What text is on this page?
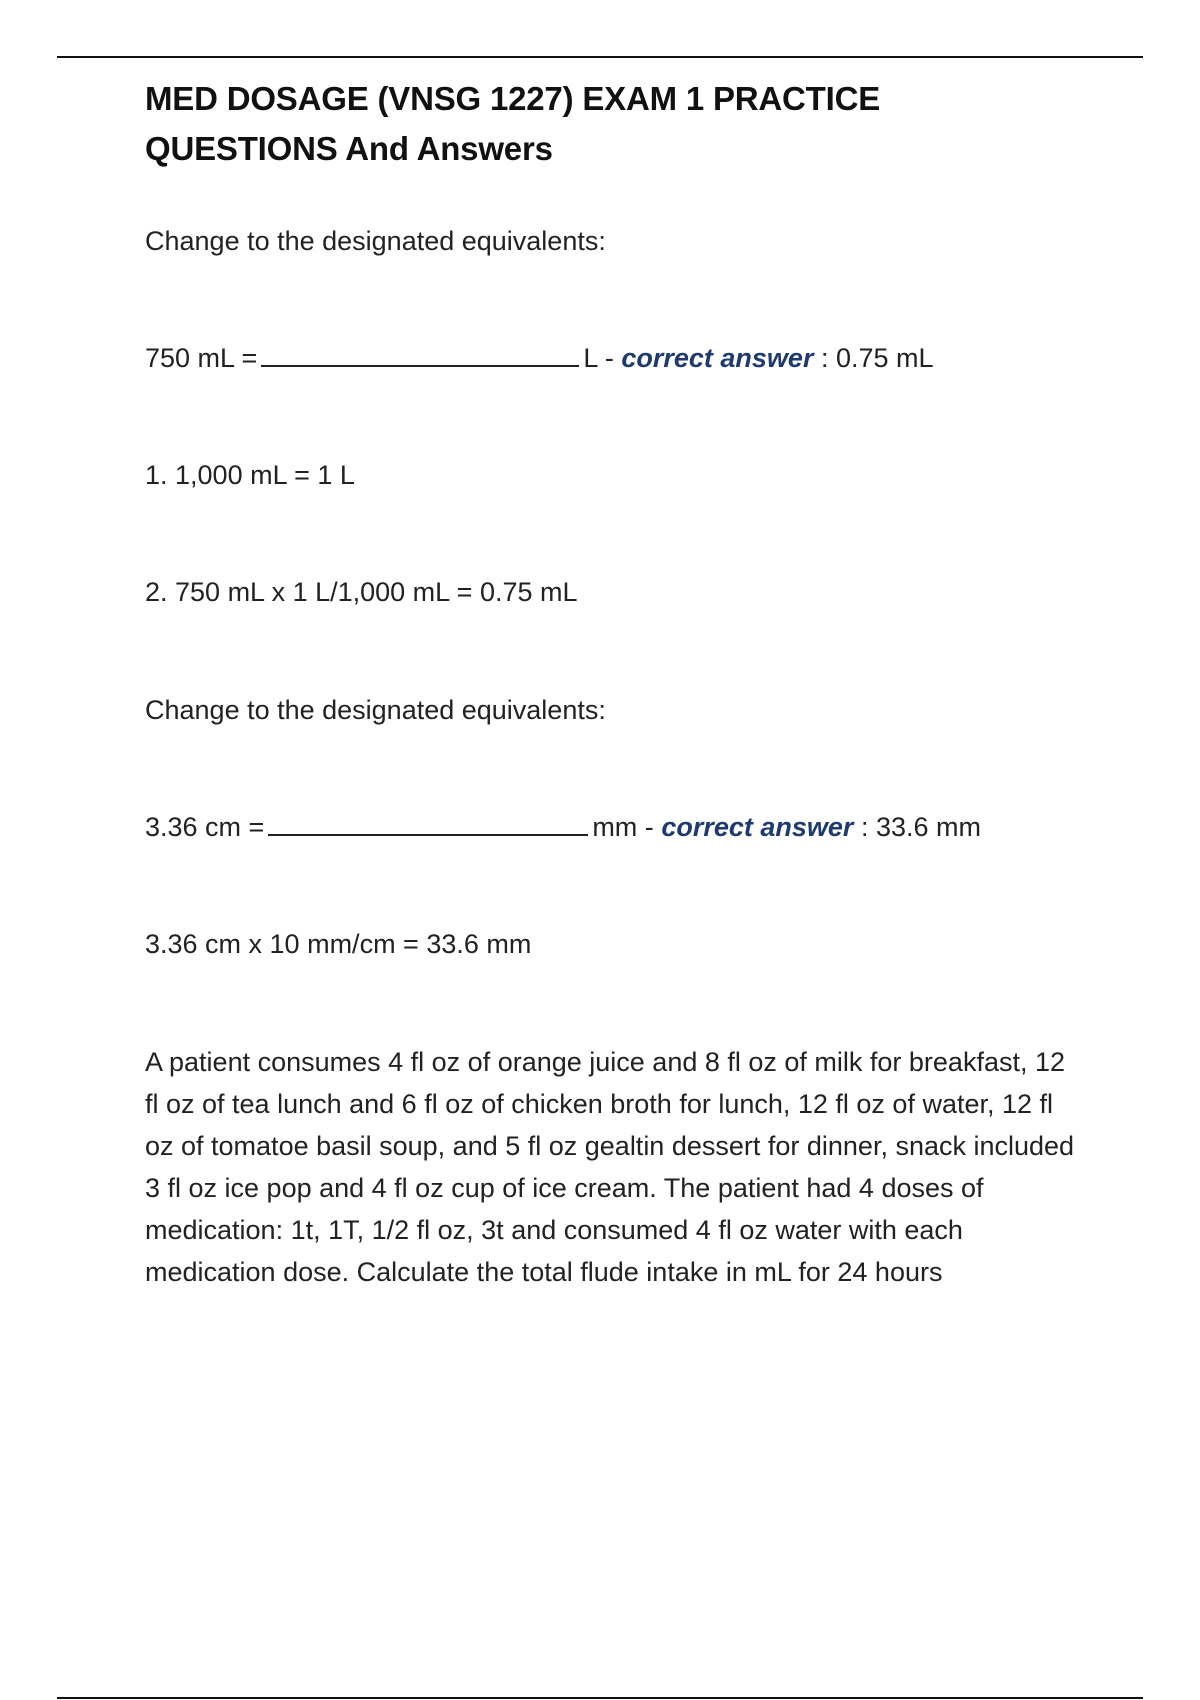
MED DOSAGE (VNSG 1227) EXAM 1 PRACTICE QUESTIONS And Answers

Change to the designated equivalents:

750 mL =	L - correct answer : 0.75 mL

1. 1,000 mL = 1 L

2. 750 mL x 1 L/1,000 mL = 0.75 mL

Change to the designated equivalents:

3.36 cm =	mm - correct answer : 33.6 mm

3.36 cm x 10 mm/cm = 33.6 mm

A patient consumes 4 fl oz of orange juice and 8 fl oz of milk for breakfast, 12 fl oz of tea lunch and 6 fl oz of chicken broth for lunch, 12 fl oz of water, 12 fl oz of tomatoe basil soup, and 5 fl oz gealtin dessert for dinner, snack included 3 fl oz ice pop and 4 fl oz cup of ice cream. The patient had 4 doses of medication: 1t, 1T, 1/2 fl oz, 3t and consumed 4 fl oz water with each medication dose. Calculate the total flude intake in mL for 24 hours
